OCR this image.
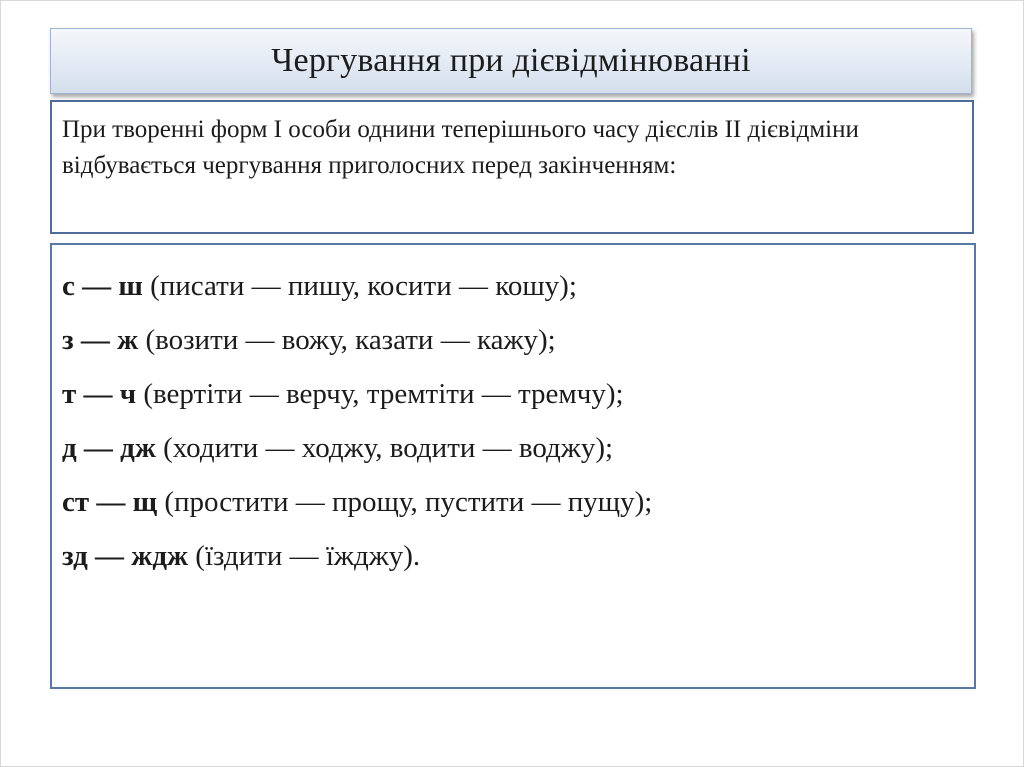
Чергування при дієвідмінюванні
При творенні форм І особи однини теперішнього часу дієслів ІІ дієвідміни відбувається чергування приголосних перед закінченням:
с — ш (писати — пишу, косити — кошу);
з — ж (возити — вожу, казати — кажу);
т — ч (вертіти — верчу, тремтіти — тремчу);
д — дж (ходити — ходжу, водити — воджу);
ст — щ (простити — прощу, пустити — пущу);
зд — ждж (їздити — їжджу).
